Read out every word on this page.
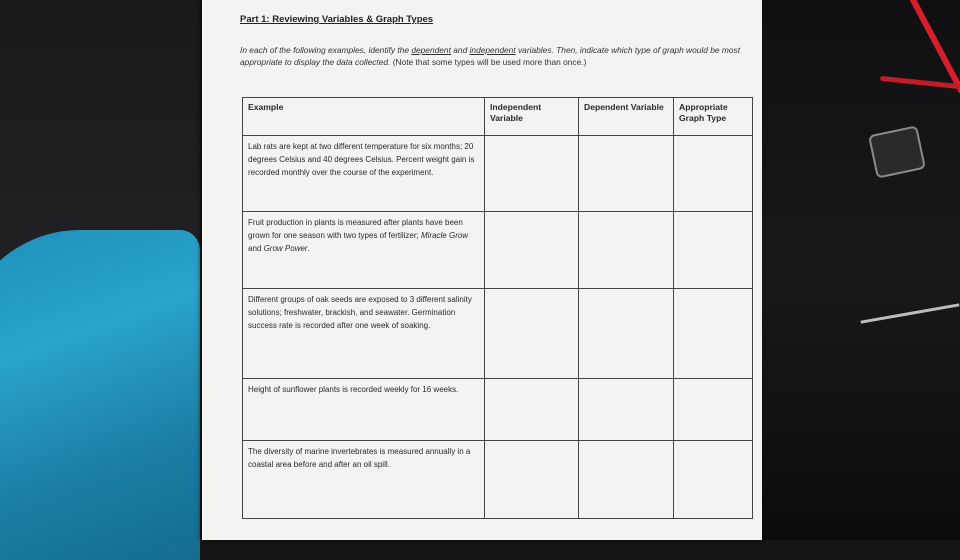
Part 1: Reviewing Variables & Graph Types
In each of the following examples, identify the dependent and independent variables. Then, indicate which type of graph would be most appropriate to display the data collected. (Note that some types will be used more than once.)
Example	Independent Variable	Dependent Variable	Appropriate Graph Type
Lab rats are kept at two different temperature for six months; 20 degrees Celsius and 40 degrees Celsius. Percent weight gain is recorded monthly over the course of the experiment.			
Fruit production in plants is measured after plants have been grown for one season with two types of fertilizer; Miracle Grow and Grow Power.			
Different groups of oak seeds are exposed to 3 different salinity solutions; freshwater, brackish, and seawater. Germination success rate is recorded after one week of soaking.			
Height of sunflower plants is recorded weekly for 16 weeks.			
The diversity of marine invertebrates is measured annually in a coastal area before and after an oil spill.			
